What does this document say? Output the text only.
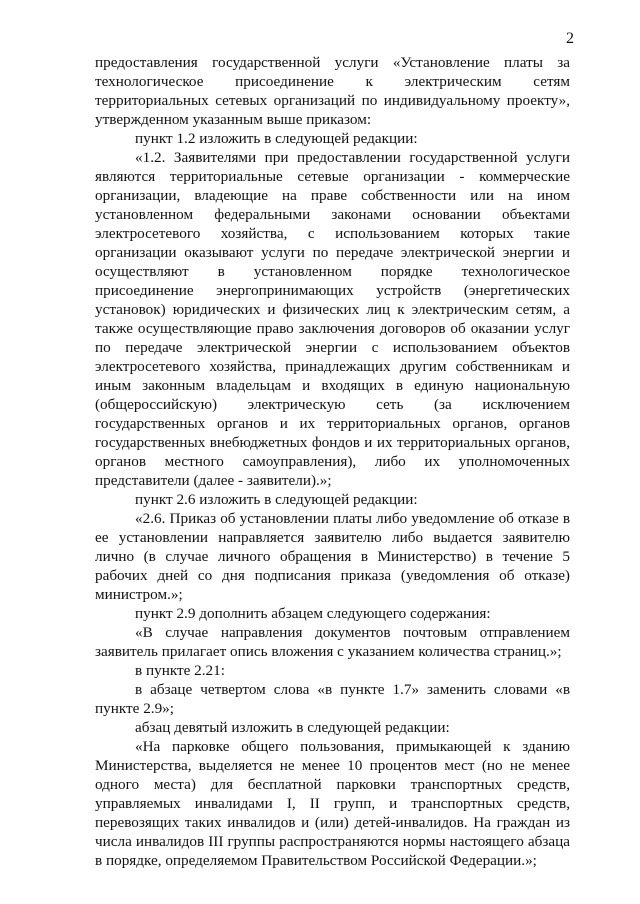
2

предоставления государственной услуги «Установление платы за технологическое присоединение к электрическим сетям территориальных сетевых организаций по индивидуальному проекту», утвержденном указанным выше приказом:

пункт 1.2 изложить в следующей редакции:

«1.2. Заявителями при предоставлении государственной услуги являются территориальные сетевые организации - коммерческие организации, владеющие на праве собственности или на ином установленном федеральными законами основании объектами электросетевого хозяйства, с использованием которых такие организации оказывают услуги по передаче электрической энергии и осуществляют в установленном порядке технологическое присоединение энергопринимающих устройств (энергетических установок) юридических и физических лиц к электрическим сетям, а также осуществляющие право заключения договоров об оказании услуг по передаче электрической энергии с использованием объектов электросетевого хозяйства, принадлежащих другим собственникам и иным законным владельцам и входящих в единую национальную (общероссийскую) электрическую сеть (за исключением государственных органов и их территориальных органов, органов государственных внебюджетных фондов и их территориальных органов, органов местного самоуправления), либо их уполномоченных представители (далее - заявители).»;

пункт 2.6 изложить в следующей редакции:

«2.6. Приказ об установлении платы либо уведомление об отказе в ее установлении направляется заявителю либо выдается заявителю лично (в случае личного обращения в Министерство) в течение 5 рабочих дней со дня подписания приказа (уведомления об отказе) министром.»;

пункт 2.9 дополнить абзацем следующего содержания:

«В случае направления документов почтовым отправлением заявитель прилагает опись вложения с указанием количества страниц.»;

в пункте 2.21:

в абзаце четвертом слова «в пункте 1.7» заменить словами «в пункте 2.9»;

абзац девятый изложить в следующей редакции:

«На парковке общего пользования, примыкающей к зданию Министерства, выделяется не менее 10 процентов мест (но не менее одного места) для бесплатной парковки транспортных средств, управляемых инвалидами I, II групп, и транспортных средств, перевозящих таких инвалидов и (или) детей-инвалидов. На граждан из числа инвалидов III группы распространяются нормы настоящего абзаца в порядке, определяемом Правительством Российской Федерации.»;
